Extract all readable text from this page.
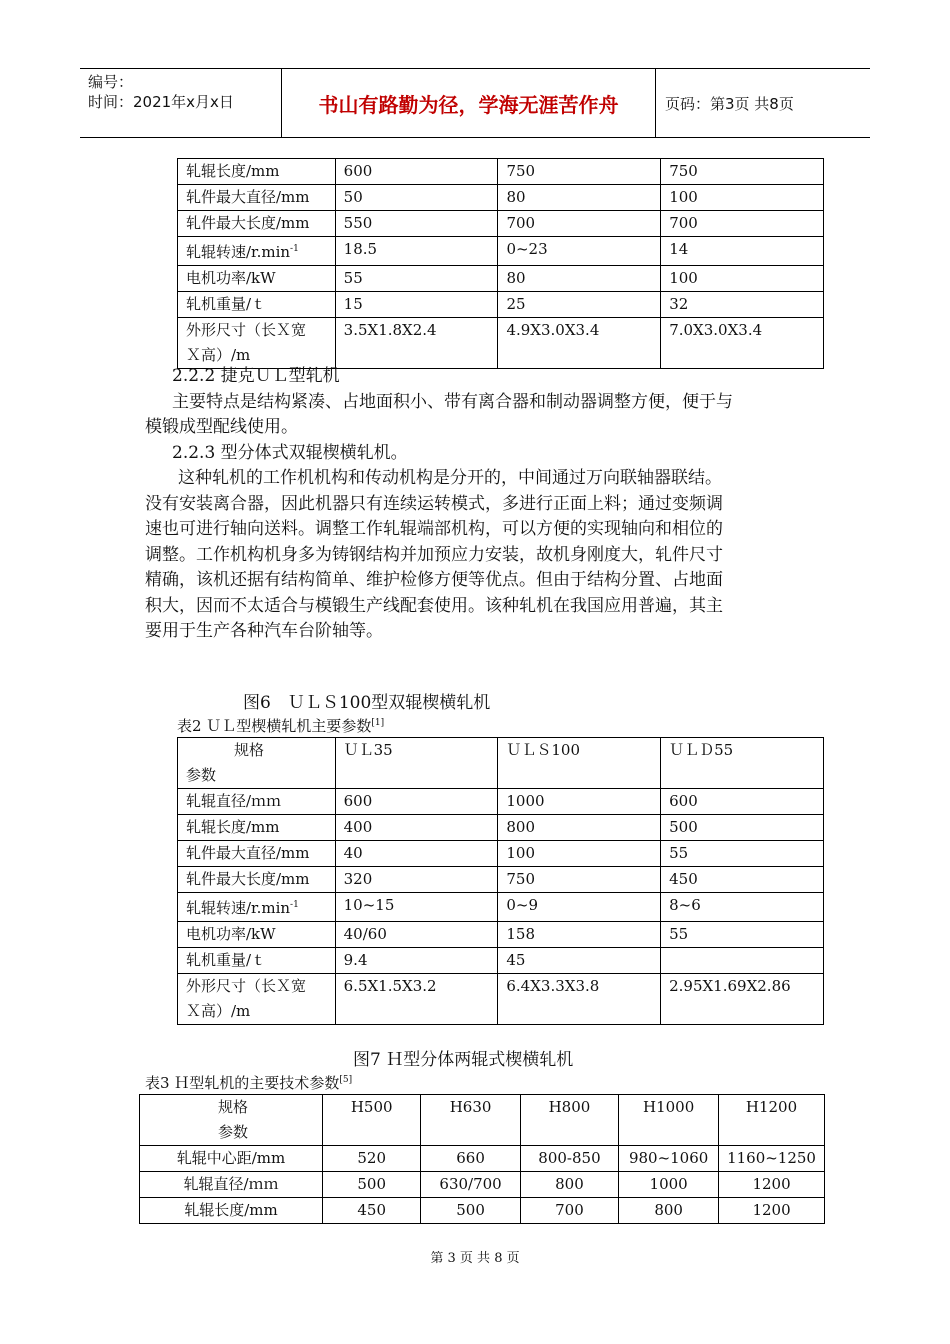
编号：
时间：2021年x月x日	书山有路勤为径，学海无涯苦作舟	页码：第3页 共8页
轧辊长度/mm	600	750	750
轧件最大直径/mm	50	80	100
轧件最大长度/mm	550	700	700
轧辊转速$/r.\min^{-1}$	18.5	0~23	14
电机功率/kW	55	80	100
轧机重量/ｔ	15	25	32

外形尺寸（长Ｘ宽
Ｘ高）/m	3.5X1.8X2.4	4.9X3.0X3.4	7.0X3.0X3.4
2.2.2 捷克ＵＬ型轧机
主要特点是结构紧凑、占地面积小、带有离合器和制动器调整方便，便于与
模锻成型配线使用。
2.2.3 型分体式双辊楔横轧机。
这种轧机的工作机机构和传动机构是分开的，中间通过万向联轴器联结。
没有安装离合器，因此机器只有连续运转模式，多进行正面上料；通过变频调
速也可进行轴向送料。调整工作轧辊端部机构，可以方便的实现轴向和相位的
调整。工作机构机身多为铸钢结构并加预应力安装，故机身刚度大，轧件尺寸
精确，该机还据有结构简单、维护检修方便等优点。但由于结构分置、占地面
积大，因而不太适合与模锻生产线配套使用。该种轧机在我国应用普遍，其主
要用于生产各种汽车台阶轴等。
图6　ＵＬＳ100型双辊楔横轧机
表2 ＵＬ型楔横轧机主要参数[1]
规格
参数	ＵＬ35	ＵＬＳ100	ＵＬＤ55
轧辊直径/ｍｍ	600	1000	600
轧辊长度/mm	400	800	500
轧件最大直径/mm	40	100	55
轧件最大长度/mm	320	750	450
轧辊转速$/r.\min^{-1}$	10~15	0~9	8~6
电机功率/kW	40/60	158	55
轧机重量/ｔ	9.4	45	

外形尺寸（长Ｘ宽
Ｘ高）/m	6.5X1.5X3.2	6.4X3.3X3.8	2.95X1.69X2.86
图7 Ｈ型分体两辊式楔横轧机
表3 Ｈ型轧机的主要技术参数[5]
规格
参数	H500	H630	H800	H1000	H1200
轧辊中心距/mm	520	660	800-850	980~1060	1160~1250
轧辊直径/ｍｍ	500	630/700	800	1000	1200
轧辊长度/mm	450	500	700	800	1200
第 3 页 共 8 页
